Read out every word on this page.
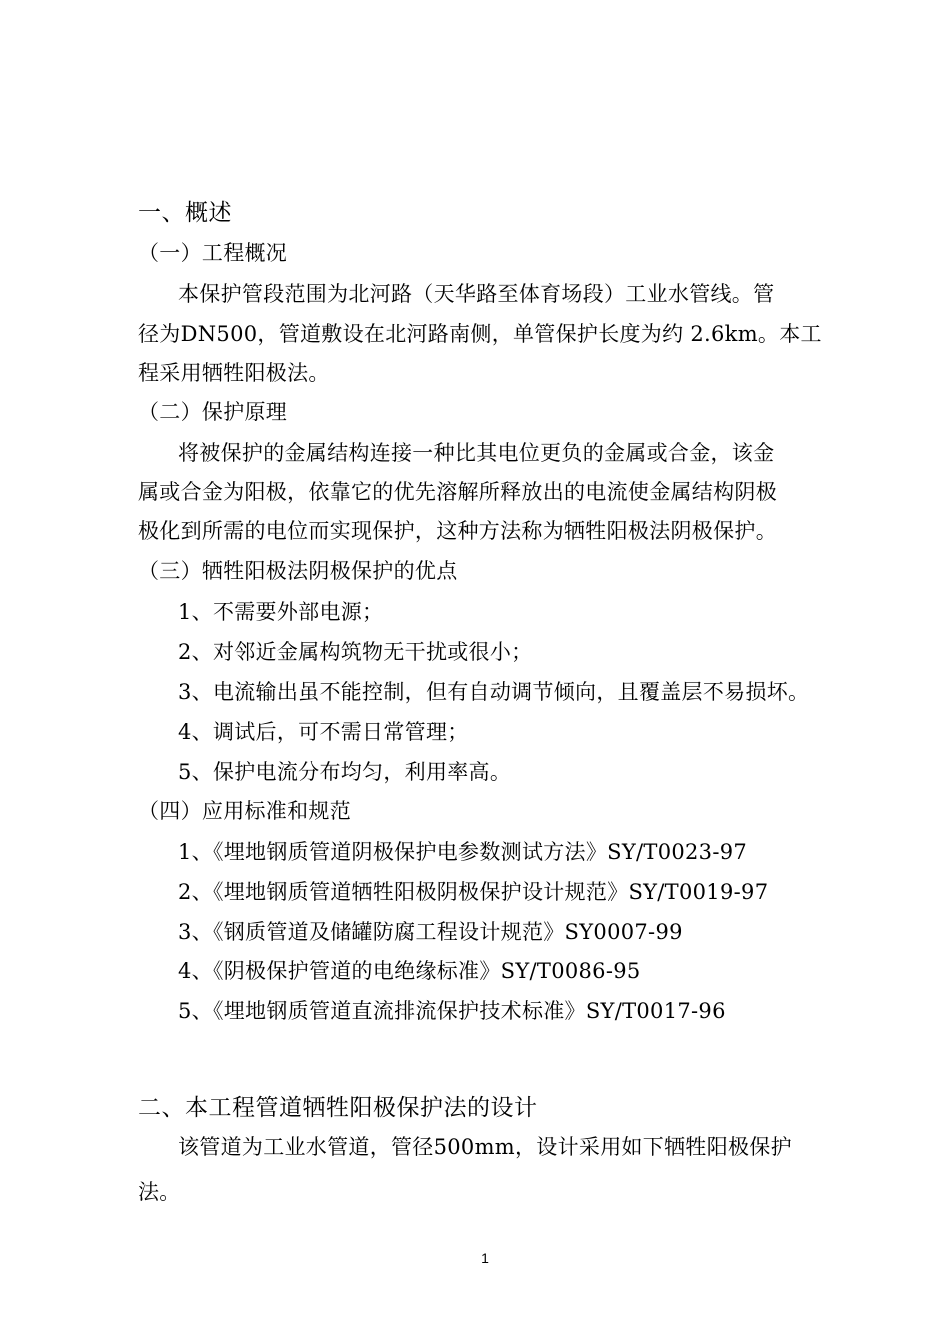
一、概述
（一）工程概况
本保护管段范围为北河路（天华路至体育场段）工业水管线。管
径为DN500，管道敷设在北河路南侧，单管保护长度为约 2.6km。本工
程采用牺牲阳极法。
（二）保护原理
将被保护的金属结构连接一种比其电位更负的金属或合金，该金
属或合金为阳极，依靠它的优先溶解所释放出的电流使金属结构阴极
极化到所需的电位而实现保护，这种方法称为牺牲阳极法阴极保护。
（三）牺牲阳极法阴极保护的优点
1、不需要外部电源；
2、对邻近金属构筑物无干扰或很小；
3、电流输出虽不能控制，但有自动调节倾向，且覆盖层不易损坏。
4、调试后，可不需日常管理；
5、保护电流分布均匀，利用率高。
（四）应用标准和规范
1、《埋地钢质管道阴极保护电参数测试方法》SY/T0023-97
2、《埋地钢质管道牺牲阳极阴极保护设计规范》SY/T0019-97
3、《钢质管道及储罐防腐工程设计规范》SY0007-99
4、《阴极保护管道的电绝缘标准》SY/T0086-95
5、《埋地钢质管道直流排流保护技术标准》SY/T0017-96
二、本工程管道牺牲阳极保护法的设计
该管道为工业水管道，管径500mm，设计采用如下牺牲阳极保护
法。
1
